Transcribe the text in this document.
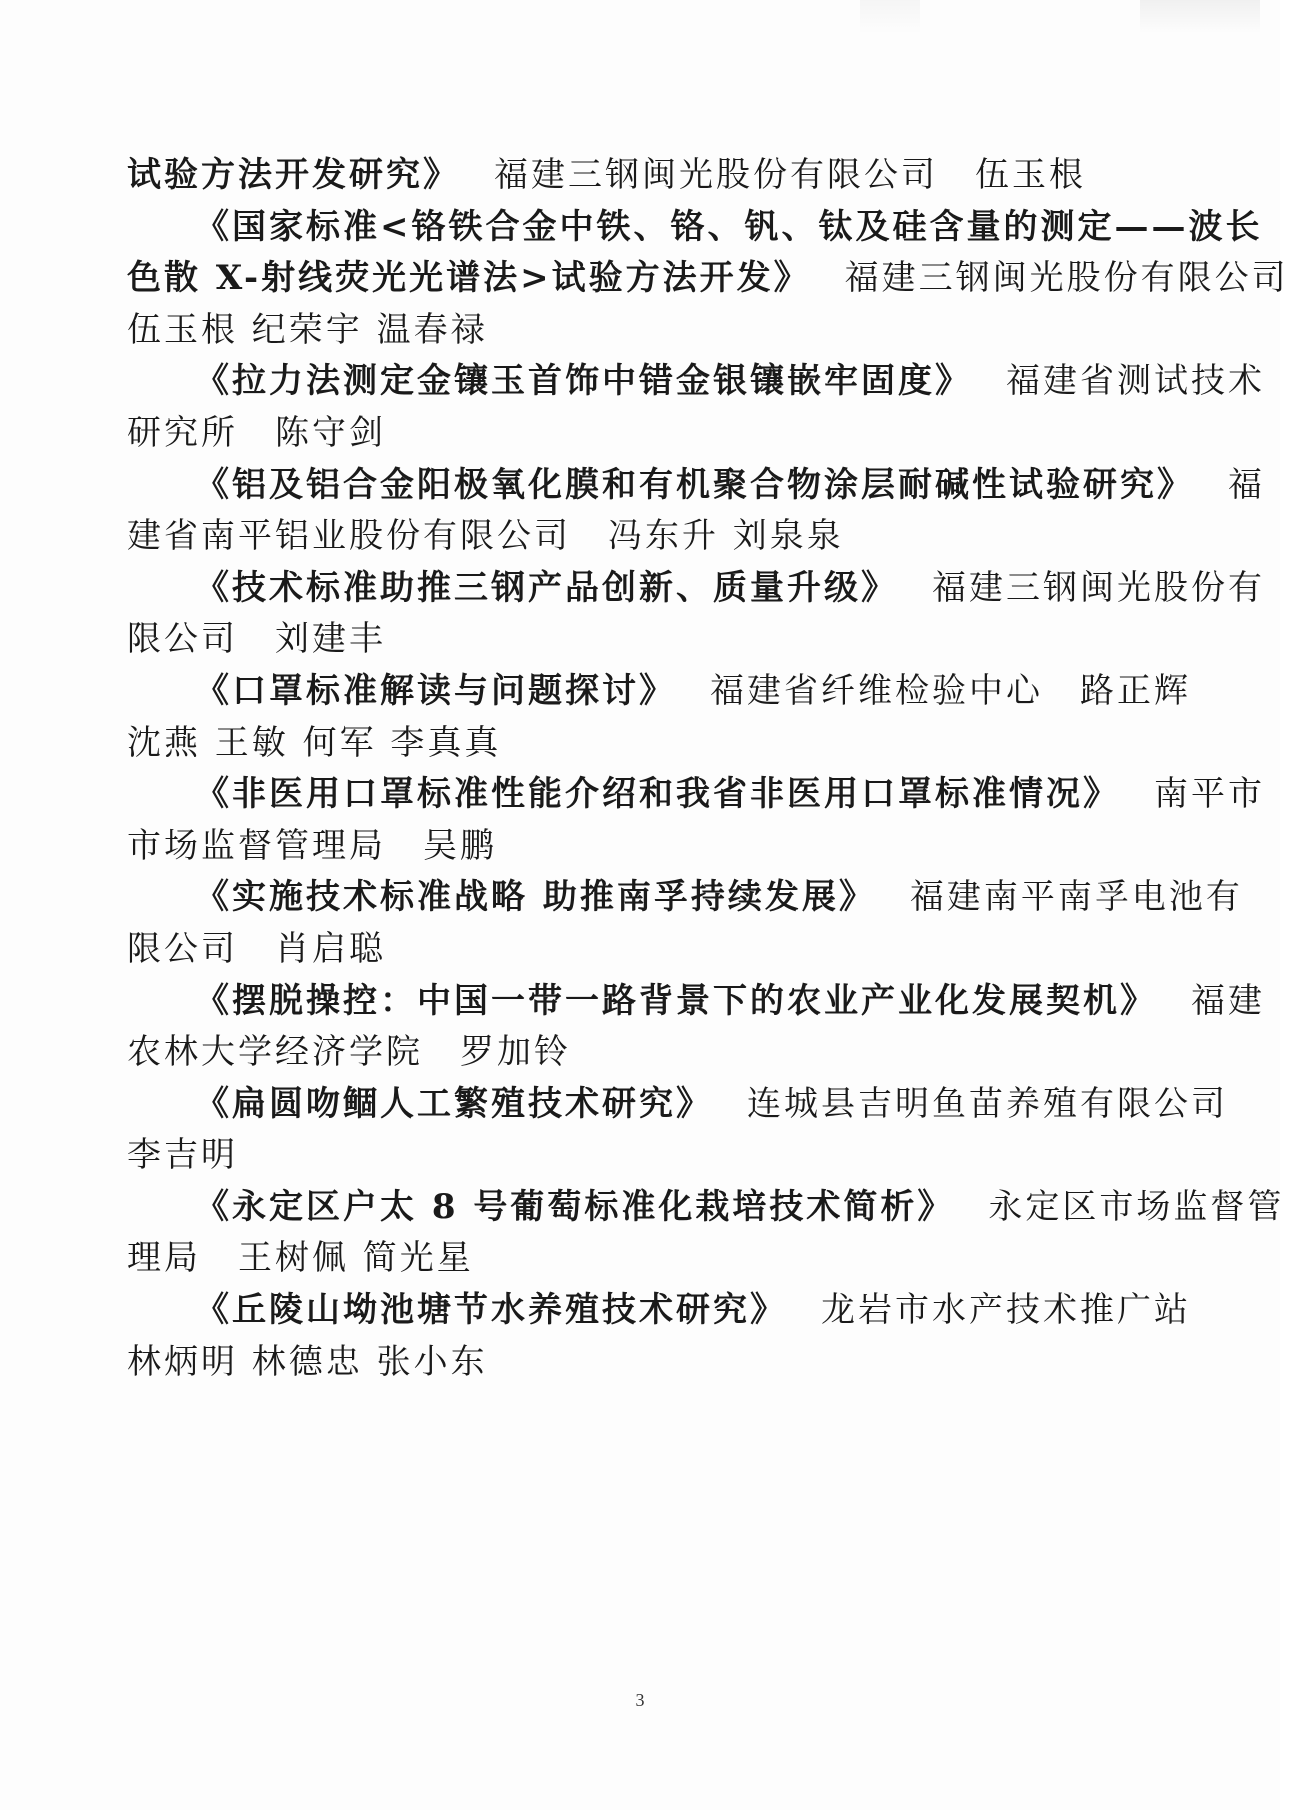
试验方法开发研究》 福建三钢闽光股份有限公司　伍玉根
《国家标准<铬铁合金中铁、铬、钒、钛及硅含量的测定——波长
色散 X-射线荧光光谱法>试验方法开发》 福建三钢闽光股份有限公司
伍玉根 纪荣宇 温春禄
《拉力法测定金镶玉首饰中错金银镶嵌牢固度》 福建省测试技术
研究所　陈守剑
《铝及铝合金阳极氧化膜和有机聚合物涂层耐碱性试验研究》 福
建省南平铝业股份有限公司　冯东升 刘泉泉
《技术标准助推三钢产品创新、质量升级》 福建三钢闽光股份有
限公司　刘建丰
《口罩标准解读与问题探讨》 福建省纤维检验中心　路正辉
沈燕 王敏 何军 李真真
《非医用口罩标准性能介绍和我省非医用口罩标准情况》 南平市
市场监督管理局　吴鹏
《实施技术标准战略 助推南孚持续发展》 福建南平南孚电池有
限公司　肖启聪
《摆脱操控：中国一带一路背景下的农业产业化发展契机》 福建
农林大学经济学院　罗加铃
《扁圆吻鲴人工繁殖技术研究》 连城县吉明鱼苗养殖有限公司
李吉明
《永定区户太 8 号葡萄标准化栽培技术简析》 永定区市场监督管
理局　王树佩 简光星
《丘陵山坳池塘节水养殖技术研究》 龙岩市水产技术推广站
林炳明 林德忠 张小东
3
